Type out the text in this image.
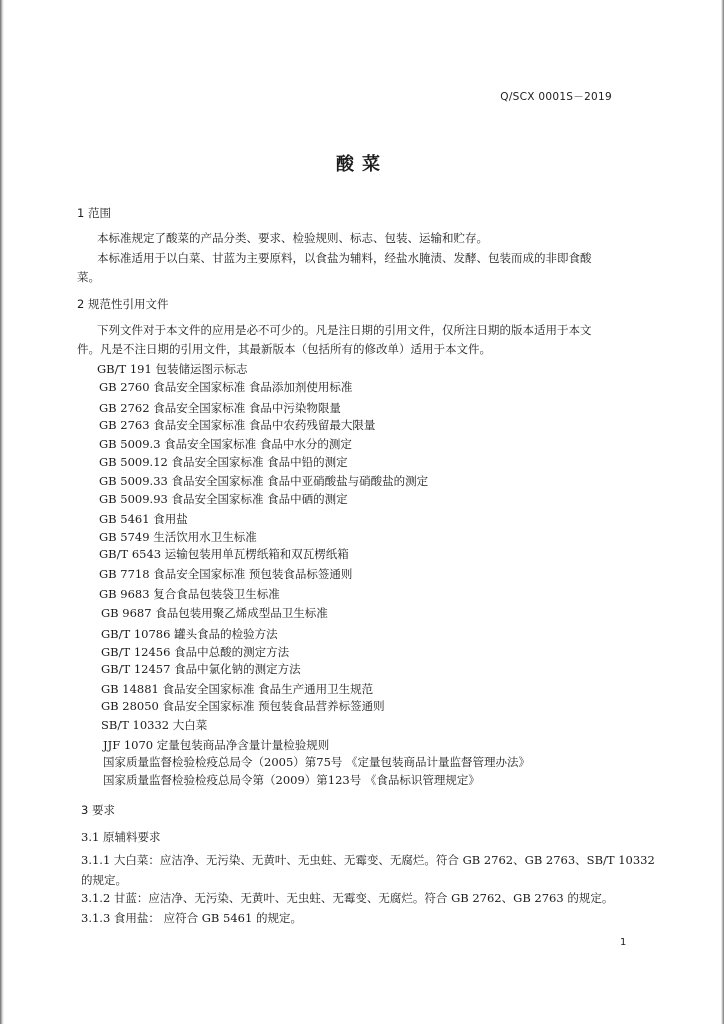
Q/SCX 0001S－2019
酸菜
1 范围
本标准规定了酸菜的产品分类、要求、检验规则、标志、包装、运输和贮存。
本标准适用于以白菜、甘蓝为主要原料，以食盐为辅料，经盐水腌渍、发酵、包装而成的非即食酸
菜。
2 规范性引用文件
下列文件对于本文件的应用是必不可少的。凡是注日期的引用文件，仅所注日期的版本适用于本文
件。凡是不注日期的引用文件，其最新版本（包括所有的修改单）适用于本文件。
GB/T 191 包装储运图示标志
GB 2760 食品安全国家标准 食品添加剂使用标准
GB 2762 食品安全国家标准 食品中污染物限量
GB 2763 食品安全国家标准 食品中农药残留最大限量
GB 5009.3 食品安全国家标准 食品中水分的测定
GB 5009.12 食品安全国家标准 食品中铅的测定
GB 5009.33 食品安全国家标准 食品中亚硝酸盐与硝酸盐的测定
GB 5009.93 食品安全国家标准 食品中硒的测定
GB 5461 食用盐
GB 5749 生活饮用水卫生标准
GB/T 6543 运输包装用单瓦楞纸箱和双瓦楞纸箱
GB 7718 食品安全国家标准 预包装食品标签通则
GB 9683 复合食品包装袋卫生标准
GB 9687 食品包装用聚乙烯成型品卫生标准
GB/T 10786 罐头食品的检验方法
GB/T 12456 食品中总酸的测定方法
GB/T 12457 食品中氯化钠的测定方法
GB 14881 食品安全国家标准 食品生产通用卫生规范
GB 28050 食品安全国家标准 预包装食品营养标签通则
SB/T 10332 大白菜
JJF 1070 定量包装商品净含量计量检验规则
国家质量监督检验检疫总局令（2005）第75号 《定量包装商品计量监督管理办法》
国家质量监督检验检疫总局令第（2009）第123号 《食品标识管理规定》
3 要求
3.1 原辅料要求
3.1.1 大白菜：应洁净、无污染、无黄叶、无虫蛀、无霉变、无腐烂。符合 GB 2762、GB 2763、SB/T 10332
的规定。
3.1.2 甘蓝：应洁净、无污染、无黄叶、无虫蛀、无霉变、无腐烂。符合 GB 2762、GB 2763 的规定。
3.1.3 食用盐： 应符合 GB 5461 的规定。
1
